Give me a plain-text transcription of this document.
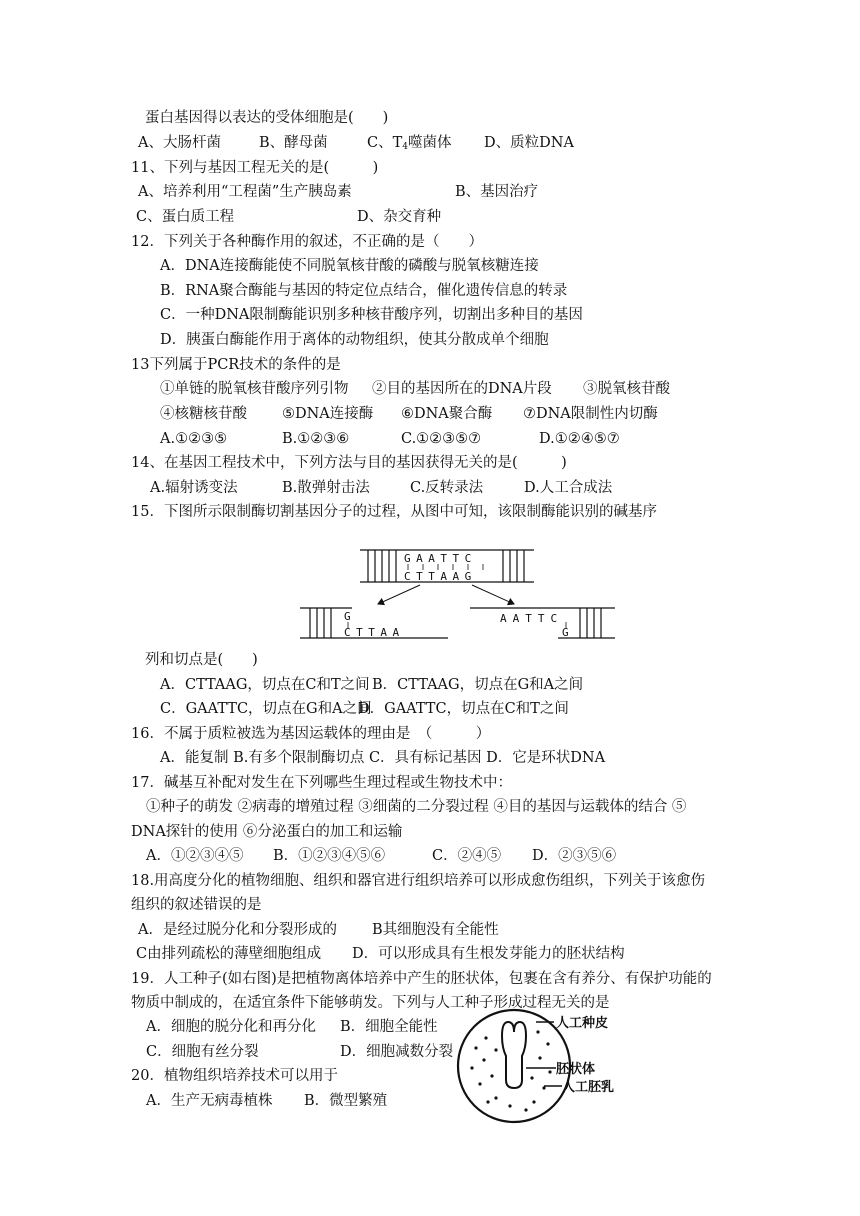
蛋白基因得以表达的受体细胞是(　　)
A、大肠杆菌	B、酵母菌	C、$T_4$噬菌体 D、质粒DNA
11、下列与基因工程无关的是(　　　)
A、培养利用“工程菌”生产胰岛素	B、基因治疗
C、蛋白质工程	D、杂交育种
12．下列关于各种酶作用的叙述，不正确的是（　　）
A．DNA连接酶能使不同脱氧核苷酸的磷酸与脱氧核糖连接
B．RNA聚合酶能与基因的特定位点结合，催化遗传信息的转录
C．一种DNA限制酶能识别多种核苷酸序列，切割出多种目的基因
D．胰蛋白酶能作用于离体的动物组织，使其分散成单个细胞
13下列属于PCR技术的条件的是
①单链的脱氧核苷酸序列引物 ②目的基因所在的DNA片段 ③脱氧核苷酸
④核糖核苷酸 ⑤DNA连接酶 ⑥DNA聚合酶 ⑦DNA限制性内切酶
A.①②③⑤	B.①②③⑥	C.①②③⑤⑦	D.①②④⑤⑦
14、在基因工程技术中，下列方法与目的基因获得无关的是(　　　)
A.辐射诱变法	B.散弹射击法	C.反转录法	D.人工合成法
15．下图所示限制酶切割基因分子的过程，从图中可知，该限制酶能识别的碱基序
GAATTC
CTTAAG
G
CTTAA
AATTC
G
列和切点是(　　)
A．CTTAAG，切点在C和T之间 B．CTTAAG，切点在G和A之间
C．GAATTC，切点在G和A之间
D．GAATTC，切点在C和T之间
16．不属于质粒被选为基因运载体的理由是　（　　　）
A．能复制 B.有多个限制酶切点 C．具有标记基因 D．它是环状DNA
17．碱基互补配对发生在下列哪些生理过程或生物技术中：
①种子的萌发 ②病毒的增殖过程 ③细菌的二分裂过程 ④目的基因与运载体的结合 ⑤
DNA探针的使用 ⑥分泌蛋白的加工和运输
A．①②③④⑤ B．①②③④⑤⑥	C．②④⑤ D．②③⑤⑥
18.用高度分化的植物细胞、组织和器官进行组织培养可以形成愈伤组织，下列关于该愈伤
组织的叙述错误的是
A．是经过脱分化和分裂形成的 B其细胞没有全能性
C由排列疏松的薄壁细胞组成 D．可以形成具有生根发芽能力的胚状结构
19．人工种子(如右图)是把植物离体培养中产生的胚状体，包裹在含有养分、有保护功能的
物质中制成的，在适宜条件下能够萌发。下列与人工种子形成过程无关的是
A．细胞的脱分化和再分化 B．细胞全能性
C．细胞有丝分裂	D．细胞减数分裂
人工种皮
胚状体
人工胚乳
20．植物组织培养技术可以用于
A．生产无病毒植株 B．微型繁殖
